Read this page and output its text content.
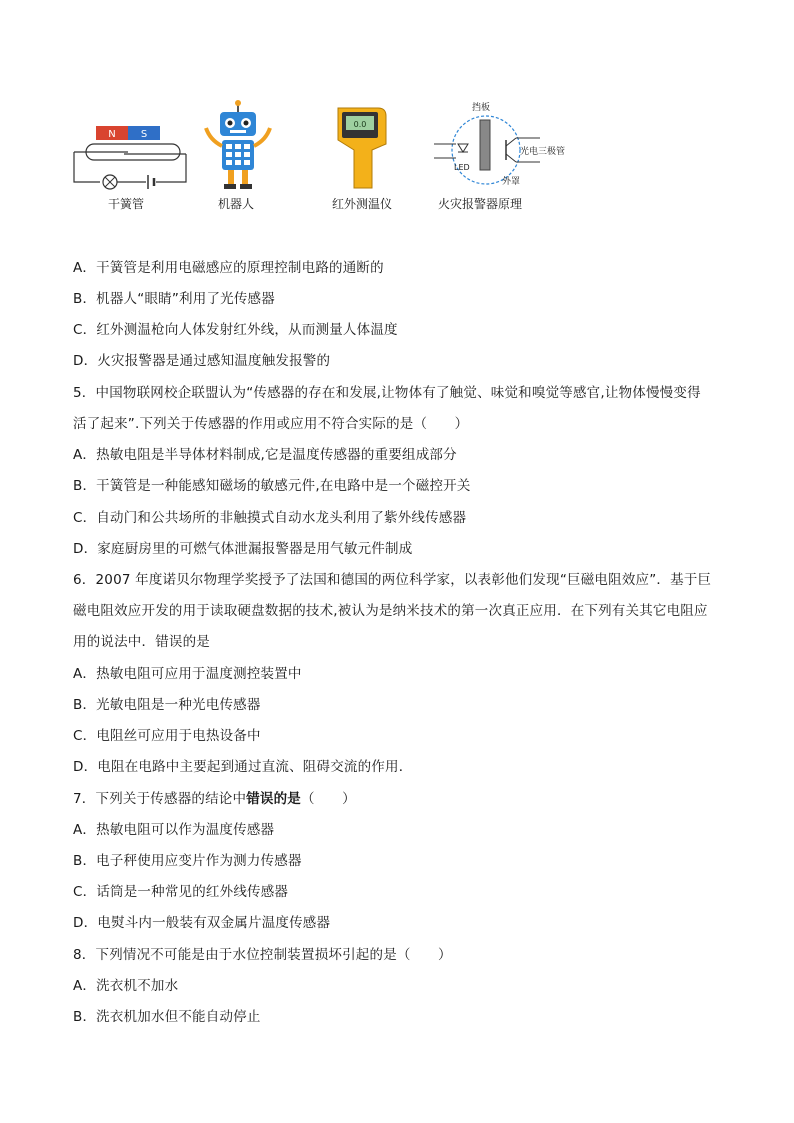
N	S
干簧管	机器人
0.0
红外测温仪
挡板
LED
光电三极管
外罩
火灾报警器原理
A．干簧管是利用电磁感应的原理控制电路的通断的
B．机器人“眼睛”利用了光传感器
C．红外测温枪向人体发射红外线，从而测量人体温度
D．火灾报警器是通过感知温度触发报警的
5．中国物联网校企联盟认为“传感器的存在和发展,让物体有了触觉、味觉和嗅觉等感官,让物体慢慢变得
活了起来”.下列关于传感器的作用或应用不符合实际的是（　　）
A．热敏电阻是半导体材料制成,它是温度传感器的重要组成部分
B．干簧管是一种能感知磁场的敏感元件,在电路中是一个磁控开关
C．自动门和公共场所的非触摸式自动水龙头利用了紫外线传感器
D．家庭厨房里的可燃气体泄漏报警器是用气敏元件制成
6．2007 年度诺贝尔物理学奖授予了法国和德国的两位科学家，以表彰他们发现“巨磁电阻效应”．基于巨
磁电阻效应开发的用于读取硬盘数据的技术,被认为是纳米技术的第一次真正应用．在下列有关其它电阻应
用的说法中．错误的是
A．热敏电阻可应用于温度测控装置中
B．光敏电阻是一种光电传感器
C．电阻丝可应用于电热设备中
D．电阻在电路中主要起到通过直流、阻碍交流的作用．
7．下列关于传感器的结论中错误的是（　　）
A．热敏电阻可以作为温度传感器
B．电子秤使用应变片作为测力传感器
C．话筒是一种常见的红外线传感器
D．电熨斗内一般装有双金属片温度传感器
8．下列情况不可能是由于水位控制装置损坏引起的是（　　）
A．洗衣机不加水
B．洗衣机加水但不能自动停止
